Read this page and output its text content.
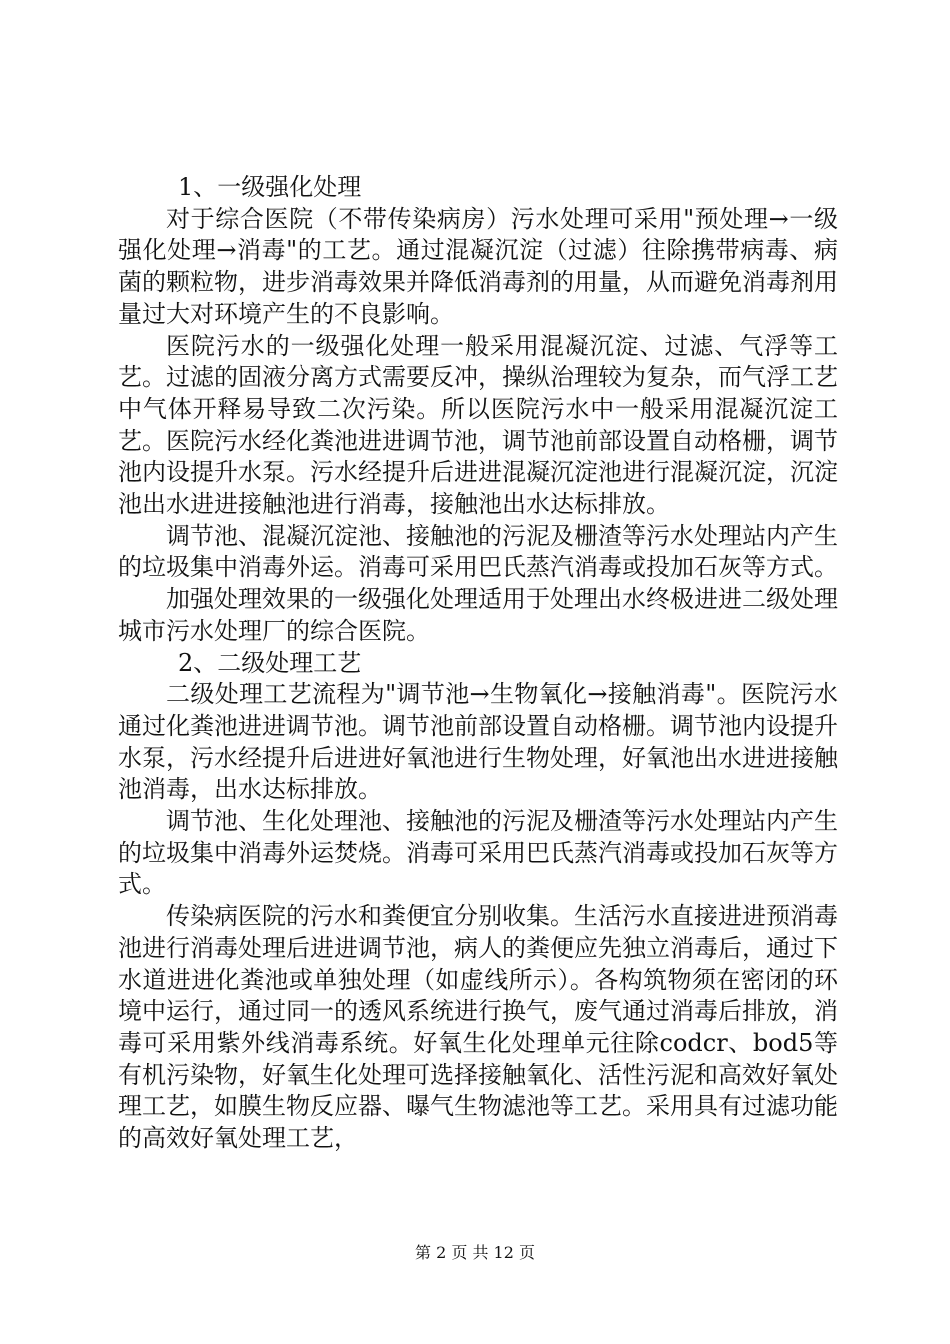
1、一级强化处理

对于综合医院（不带传染病房）污水处理可采用"预处理→一级强化处理→消毒"的工艺。通过混凝沉淀（过滤）往除携带病毒、病菌的颗粒物，进步消毒效果并降低消毒剂的用量，从而避免消毒剂用量过大对环境产生的不良影响。

医院污水的一级强化处理一般采用混凝沉淀、过滤、气浮等工艺。过滤的固液分离方式需要反冲，操纵治理较为复杂，而气浮工艺中气体开释易导致二次污染。所以医院污水中一般采用混凝沉淀工艺。医院污水经化粪池进进调节池，调节池前部设置自动格栅，调节池内设提升水泵。污水经提升后进进混凝沉淀池进行混凝沉淀，沉淀池出水进进接触池进行消毒，接触池出水达标排放。

调节池、混凝沉淀池、接触池的污泥及栅渣等污水处理站内产生的垃圾集中消毒外运。消毒可采用巴氏蒸汽消毒或投加石灰等方式。

加强处理效果的一级强化处理适用于处理出水终极进进二级处理城市污水处理厂的综合医院。

2、二级处理工艺

二级处理工艺流程为"调节池→生物氧化→接触消毒"。医院污水通过化粪池进进调节池。调节池前部设置自动格栅。调节池内设提升水泵，污水经提升后进进好氧池进行生物处理，好氧池出水进进接触池消毒，出水达标排放。

调节池、生化处理池、接触池的污泥及栅渣等污水处理站内产生的垃圾集中消毒外运焚烧。消毒可采用巴氏蒸汽消毒或投加石灰等方式。

传染病医院的污水和粪便宜分别收集。生活污水直接进进预消毒池进行消毒处理后进进调节池，病人的粪便应先独立消毒后，通过下水道进进化粪池或单独处理（如虚线所示）。各构筑物须在密闭的环境中运行，通过同一的透风系统进行换气，废气通过消毒后排放，消毒可采用紫外线消毒系统。好氧生化处理单元往除codcr、bod5等有机污染物，好氧生化处理可选择接触氧化、活性污泥和高效好氧处理工艺，如膜生物反应器、曝气生物滤池等工艺。采用具有过滤功能的高效好氧处理工艺，

第 2 页 共 12 页
